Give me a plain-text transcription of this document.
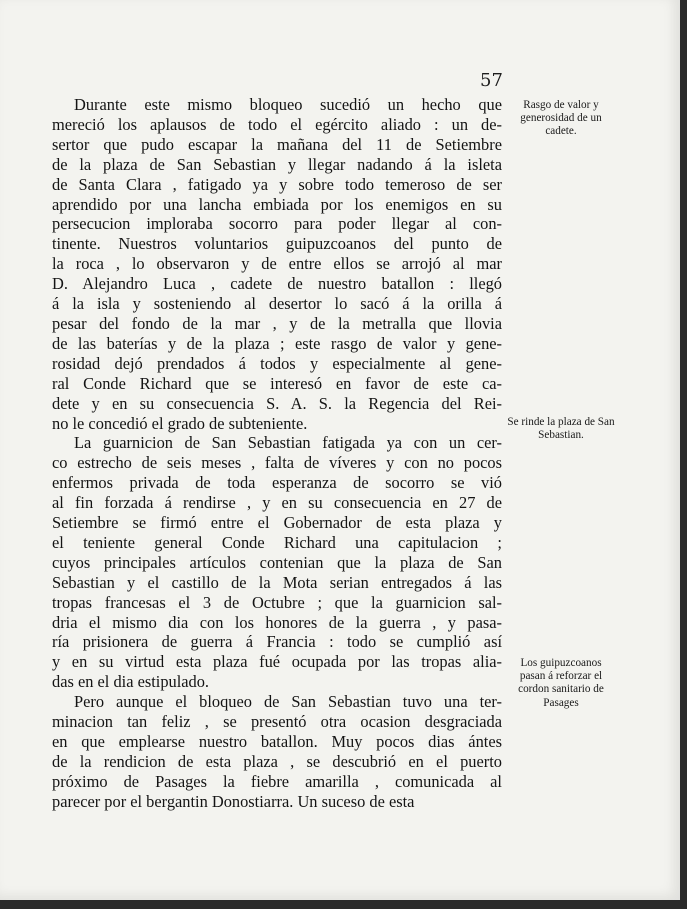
57
Durante este mismo bloqueo sucedió un hecho que
mereció los aplausos de todo el egército aliado : un de-
sertor que pudo escapar la mañana del 11 de Setiembre
de la plaza de San Sebastian y llegar nadando á la isleta
de Santa Clara , fatigado ya y sobre todo temeroso de ser
aprendido por una lancha embiada por los enemigos en su
persecucion imploraba socorro para poder llegar al con-
tinente. Nuestros voluntarios guipuzcoanos del punto de
la roca , lo observaron y de entre ellos se arrojó al mar
D. Alejandro Luca , cadete de nuestro batallon : llegó
á la isla y sosteniendo al desertor lo sacó á la orilla á
pesar del fondo de la mar , y de la metralla que llovia
de las baterías y de la plaza ; este rasgo de valor y gene-
rosidad dejó prendados á todos y especialmente al gene-
ral Conde Richard que se interesó en favor de este ca-
dete y en su consecuencia S. A. S. la Regencia del Rei-
no le concedió el grado de subteniente.
La guarnicion de San Sebastian fatigada ya con un cer-
co estrecho de seis meses , falta de víveres y con no pocos
enfermos privada de toda esperanza de socorro se vió
al fin forzada á rendirse , y en su consecuencia en 27 de
Setiembre se firmó entre el Gobernador de esta plaza y
el teniente general Conde Richard una capitulacion ;
cuyos principales artículos contenian que la plaza de San
Sebastian y el castillo de la Mota serian entregados á las
tropas francesas el 3 de Octubre ; que la guarnicion sal-
dria el mismo dia con los honores de la guerra , y pasa-
ría prisionera de guerra á Francia : todo se cumplió así
y en su virtud esta plaza fué ocupada por las tropas alia-
das en el dia estipulado.
Pero aunque el bloqueo de San Sebastian tuvo una ter-
minacion tan feliz , se presentó otra ocasion desgraciada
en que emplearse nuestro batallon. Muy pocos dias ántes
de la rendicion de esta plaza , se descubrió en el puerto
próximo de Pasages la fiebre amarilla , comunicada al
parecer por el bergantin Donostiarra. Un suceso de esta
Rasgo de valor y generosidad de un cadete.
Se rinde la plaza de San Sebastian.
Los guipuzcoanos pasan á reforzar el cordon sanitario de Pasages
